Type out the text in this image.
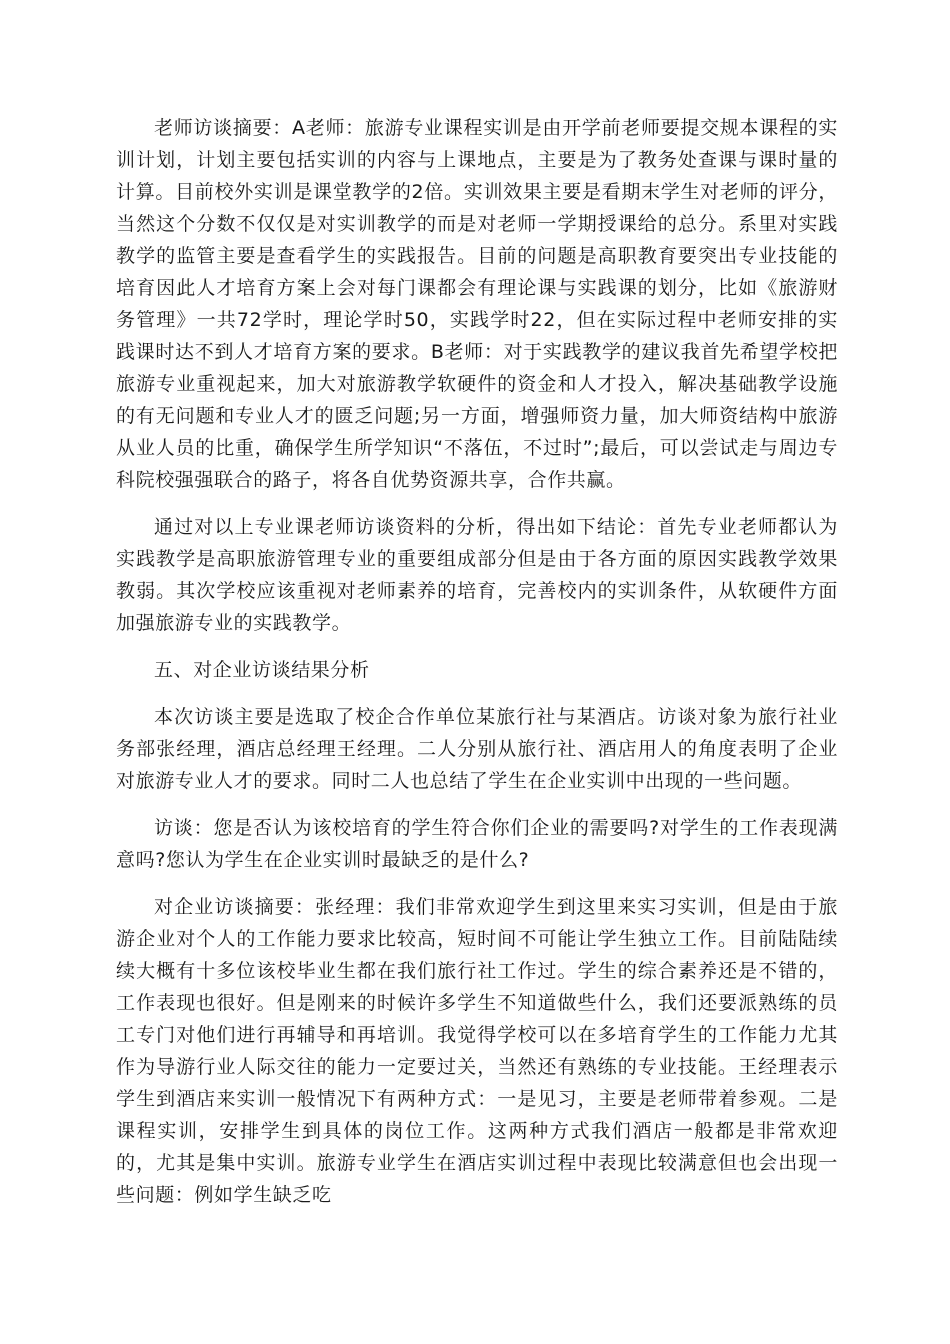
老师访谈摘要：A老师：旅游专业课程实训是由开学前老师要提交规本课程的实训计划，计划主要包括实训的内容与上课地点，主要是为了教务处查课与课时量的计算。目前校外实训是课堂教学的2倍。实训效果主要是看期末学生对老师的评分，当然这个分数不仅仅是对实训教学的而是对老师一学期授课给的总分。系里对实践教学的监管主要是查看学生的实践报告。目前的问题是高职教育要突出专业技能的培育因此人才培育方案上会对每门课都会有理论课与实践课的划分，比如《旅游财务管理》一共72学时，理论学时50，实践学时22，但在实际过程中老师安排的实践课时达不到人才培育方案的要求。B老师：对于实践教学的建议我首先希望学校把旅游专业重视起来，加大对旅游教学软硬件的资金和人才投入，解决基础教学设施的有无问题和专业人才的匮乏问题;另一方面，增强师资力量，加大师资结构中旅游从业人员的比重，确保学生所学知识“不落伍，不过时”;最后，可以尝试走与周边专科院校强强联合的路子，将各自优势资源共享，合作共赢。

通过对以上专业课老师访谈资料的分析，得出如下结论：首先专业老师都认为实践教学是高职旅游管理专业的重要组成部分但是由于各方面的原因实践教学效果教弱。其次学校应该重视对老师素养的培育，完善校内的实训条件，从软硬件方面加强旅游专业的实践教学。

五、对企业访谈结果分析

本次访谈主要是选取了校企合作单位某旅行社与某酒店。访谈对象为旅行社业务部张经理，酒店总经理王经理。二人分别从旅行社、酒店用人的角度表明了企业对旅游专业人才的要求。同时二人也总结了学生在企业实训中出现的一些问题。

访谈：您是否认为该校培育的学生符合你们企业的需要吗?对学生的工作表现满意吗?您认为学生在企业实训时最缺乏的是什么?

对企业访谈摘要：张经理：我们非常欢迎学生到这里来实习实训，但是由于旅游企业对个人的工作能力要求比较高，短时间不可能让学生独立工作。目前陆陆续续大概有十多位该校毕业生都在我们旅行社工作过。学生的综合素养还是不错的，工作表现也很好。但是刚来的时候许多学生不知道做些什么，我们还要派熟练的员工专门对他们进行再辅导和再培训。我觉得学校可以在多培育学生的工作能力尤其作为导游行业人际交往的能力一定要过关，当然还有熟练的专业技能。王经理表示学生到酒店来实训一般情况下有两种方式：一是见习，主要是老师带着参观。二是课程实训，安排学生到具体的岗位工作。这两种方式我们酒店一般都是非常欢迎的，尤其是集中实训。旅游专业学生在酒店实训过程中表现比较满意但也会出现一些问题：例如学生缺乏吃
